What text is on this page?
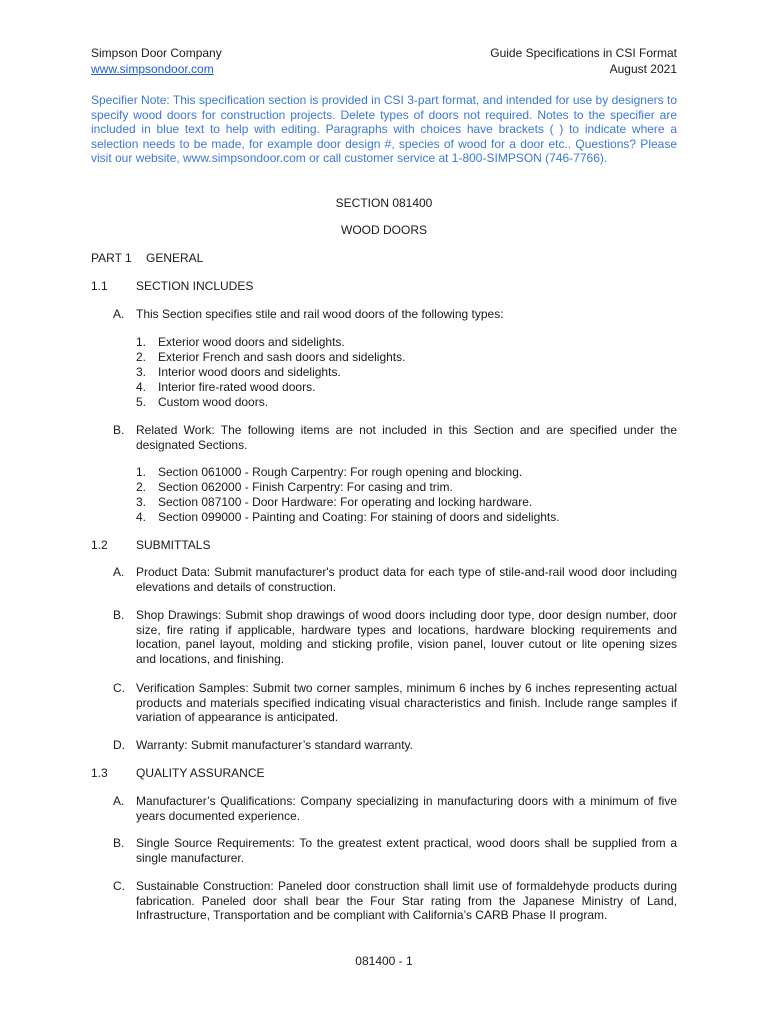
Simpson Door Company
www.simpsondoor.com
Guide Specifications in CSI Format
August 2021
Specifier Note: This specification section is provided in CSI 3-part format, and intended for use by designers to specify wood doors for construction projects. Delete types of doors not required. Notes to the specifier are included in blue text to help with editing. Paragraphs with choices have brackets ( ) to indicate where a selection needs to be made, for example door design #, species of wood for a door etc.. Questions? Please visit our website, www.simpsondoor.com or call customer service at 1-800-SIMPSON (746-7766).
SECTION 081400
WOOD DOORS
PART 1 GENERAL
1.1 SECTION INCLUDES
A. This Section specifies stile and rail wood doors of the following types:
1. Exterior wood doors and sidelights.
2. Exterior French and sash doors and sidelights.
3. Interior wood doors and sidelights.
4. Interior fire-rated wood doors.
5. Custom wood doors.
B. Related Work: The following items are not included in this Section and are specified under the designated Sections.
1. Section 061000 - Rough Carpentry: For rough opening and blocking.
2. Section 062000 - Finish Carpentry: For casing and trim.
3. Section 087100 - Door Hardware: For operating and locking hardware.
4. Section 099000 - Painting and Coating: For staining of doors and sidelights.
1.2 SUBMITTALS
A. Product Data: Submit manufacturer's product data for each type of stile-and-rail wood door including elevations and details of construction.
B. Shop Drawings: Submit shop drawings of wood doors including door type, door design number, door size, fire rating if applicable, hardware types and locations, hardware blocking requirements and location, panel layout, molding and sticking profile, vision panel, louver cutout or lite opening sizes and locations, and finishing.
C. Verification Samples: Submit two corner samples, minimum 6 inches by 6 inches representing actual products and materials specified indicating visual characteristics and finish. Include range samples if variation of appearance is anticipated.
D. Warranty: Submit manufacturer’s standard warranty.
1.3 QUALITY ASSURANCE
A. Manufacturer’s Qualifications: Company specializing in manufacturing doors with a minimum of five years documented experience.
B. Single Source Requirements: To the greatest extent practical, wood doors shall be supplied from a single manufacturer.
C. Sustainable Construction: Paneled door construction shall limit use of formaldehyde products during fabrication. Paneled door shall bear the Four Star rating from the Japanese Ministry of Land, Infrastructure, Transportation and be compliant with California’s CARB Phase II program.
081400 - 1
